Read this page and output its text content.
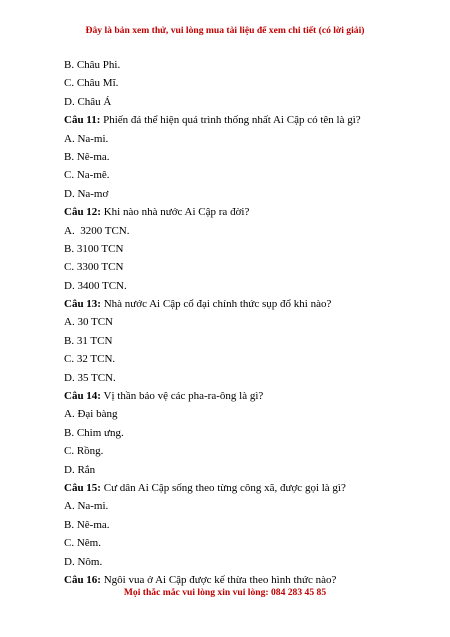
Đây là bản xem thử, vui lòng mua tài liệu để xem chi tiết (có lời giải)
B. Châu Phi.
C. Châu Mĩ.
D. Châu Á
Câu 11: Phiến đá thể hiện quá trình thống nhất Ai Cập có tên là gì?
A. Na-mi.
B. Nê-ma.
C. Na-mê.
D. Na-mơ
Câu 12: Khi nào nhà nước Ai Cập ra đời?
A.  3200 TCN.
B. 3100 TCN
C. 3300 TCN
D. 3400 TCN.
Câu 13: Nhà nước Ai Cập cổ đại chính thức sụp đổ khi nào?
A. 30 TCN
B. 31 TCN
C. 32 TCN.
D. 35 TCN.
Câu 14: Vị thần bảo vệ các pha-ra-ông là gì?
A. Đại bàng
B. Chim ưng.
C. Rồng.
D. Rắn
Câu 15: Cư dân Ai Cập sống theo từng công xã, được gọi là gì?
A. Na-mi.
B. Nê-ma.
C. Nêm.
D. Nôm.
Câu 16: Ngôi vua ở Ai Cập được kế thừa theo hình thức nào?
Mọi thắc mắc vui lòng xin vui lòng: 084 283 45 85
